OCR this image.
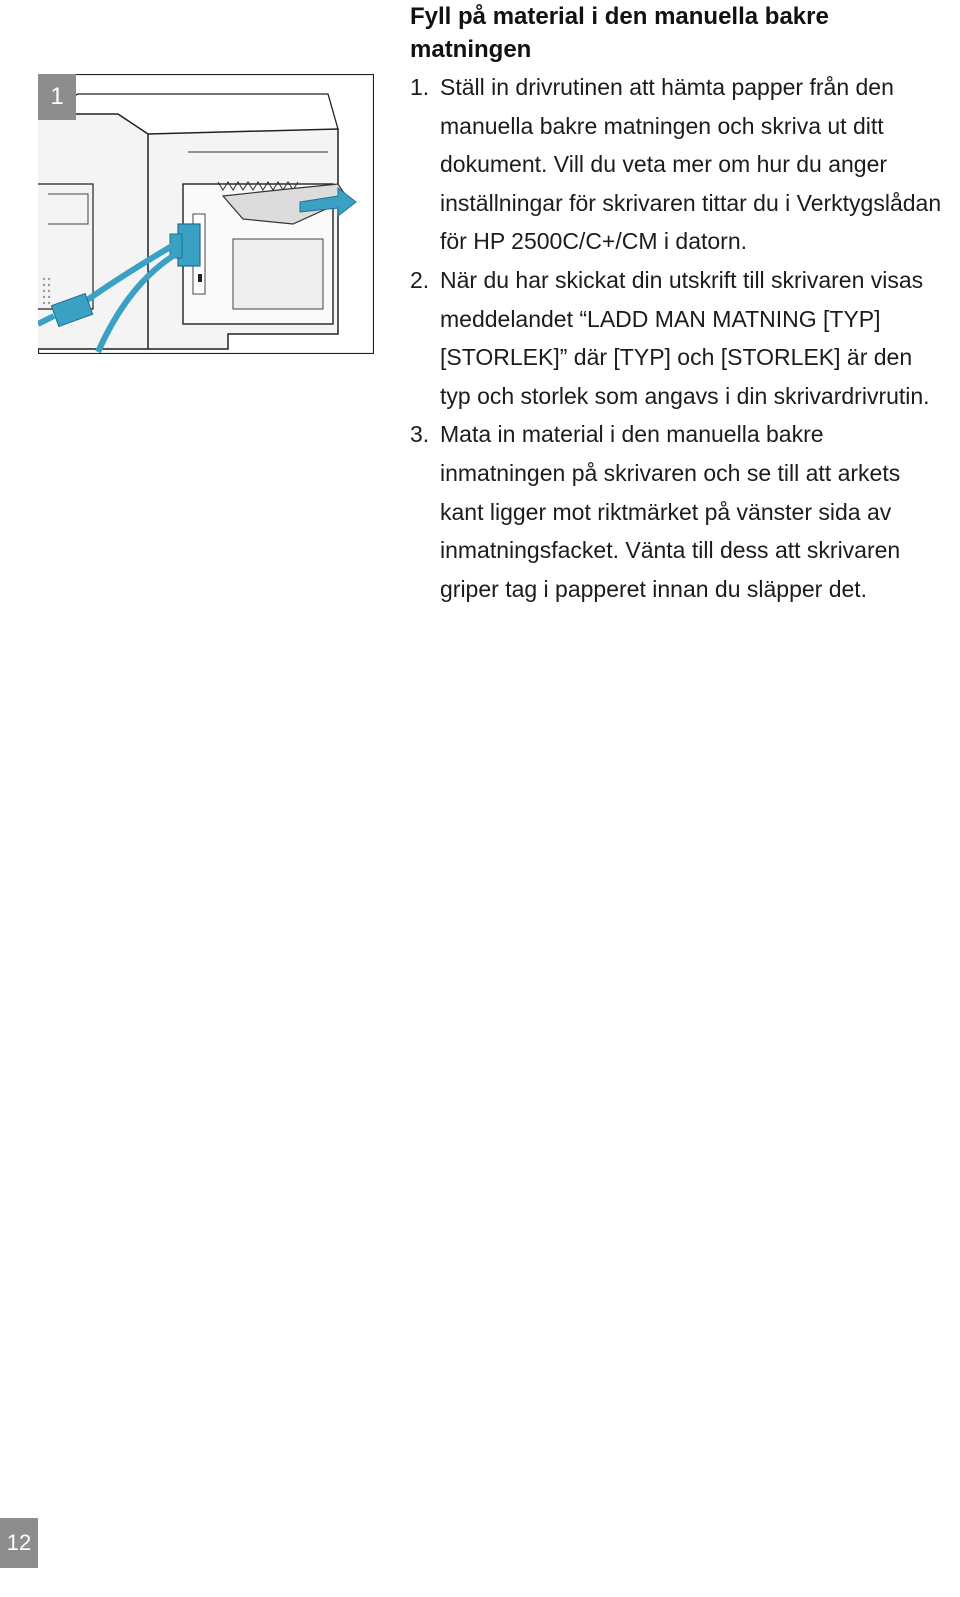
1
Fyll på material i den manuella bakre matningen
1. Ställ in drivrutinen att hämta papper från den manuella bakre matningen och skriva ut ditt dokument. Vill du veta mer om hur du anger inställningar för skrivaren tittar du i Verktygslådan för HP 2500C/C+/CM i datorn.
2. När du har skickat din utskrift till skrivaren visas meddelandet “LADD MAN MATNING [TYP] [STORLEK]” där [TYP] och [STORLEK] är den typ och storlek som angavs i din skrivardrivrutin.
3. Mata in material i den manuella bakre inmatningen på skrivaren och se till att arkets kant ligger mot riktmärket på vänster sida av inmatningsfacket. Vänta till dess att skrivaren griper tag i papperet innan du släpper det.
12
